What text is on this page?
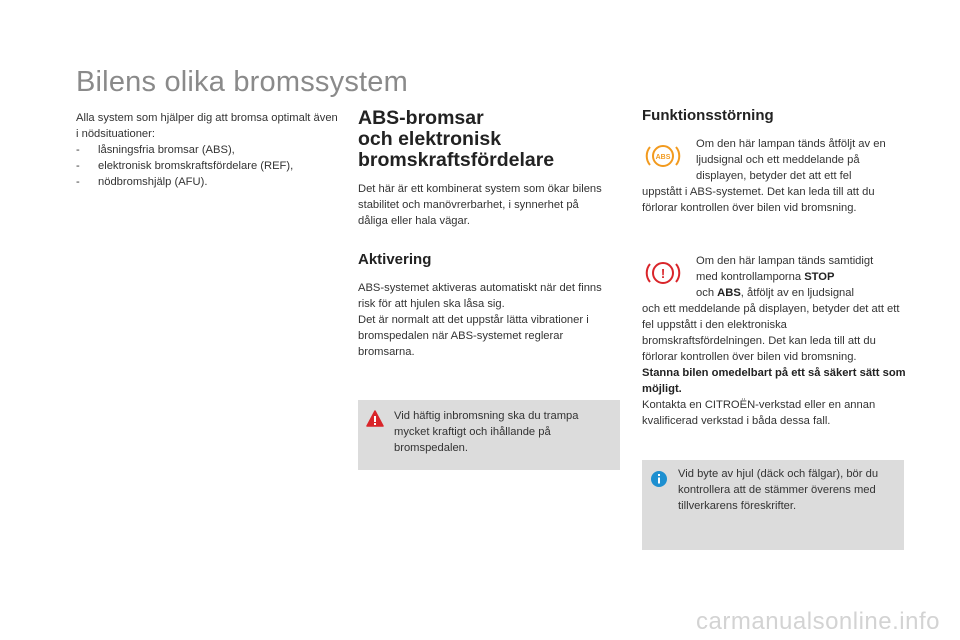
Bilens olika bromssystem
Alla system som hjälper dig att bromsa optimalt även i nödsituationer:
- låsningsfria bromsar (ABS),
- elektronisk bromskraftsfördelare (REF),
- nödbromshjälp (AFU).
ABS-bromsar
och elektronisk
bromskraftsfördelare

Det här är ett kombinerat system som ökar bilens stabilitet och manövrerbarhet, i synnerhet på dåliga eller hala vägar.

Aktivering

ABS-systemet aktiveras automatiskt när det finns risk för att hjulen ska låsa sig.

Det är normalt att det uppstår lätta vibrationer i bromspedalen när ABS-systemet reglerar bromsarna.

Vid häftig inbromsning ska du trampa mycket kraftigt och ihållande på bromspedalen.
Funktionsstörning
ABS
Om den här lampan tänds åtföljt av en ljudsignal och ett meddelande på displayen, betyder det att ett fel
uppstått i ABS-systemet. Det kan leda till att du förlorar kontrollen över bilen vid bromsning.
!
Om den här lampan tänds samtidigt
med kontrollamporna STOP
och ABS, åtföljt av en ljudsignal
och ett meddelande på displayen, betyder det att ett fel uppstått i den elektroniska bromskraftsfördelningen. Det kan leda till att du förlorar kontrollen över bilen vid bromsning.
Stanna bilen omedelbart på ett så säkert sätt som möjligt.
Kontakta en CITROËN-verkstad eller en annan kvalificerad verkstad i båda dessa fall.
Vid byte av hjul (däck och fälgar), bör du kontrollera att de stämmer överens med tillverkarens föreskrifter.
carmanualsonline.info
